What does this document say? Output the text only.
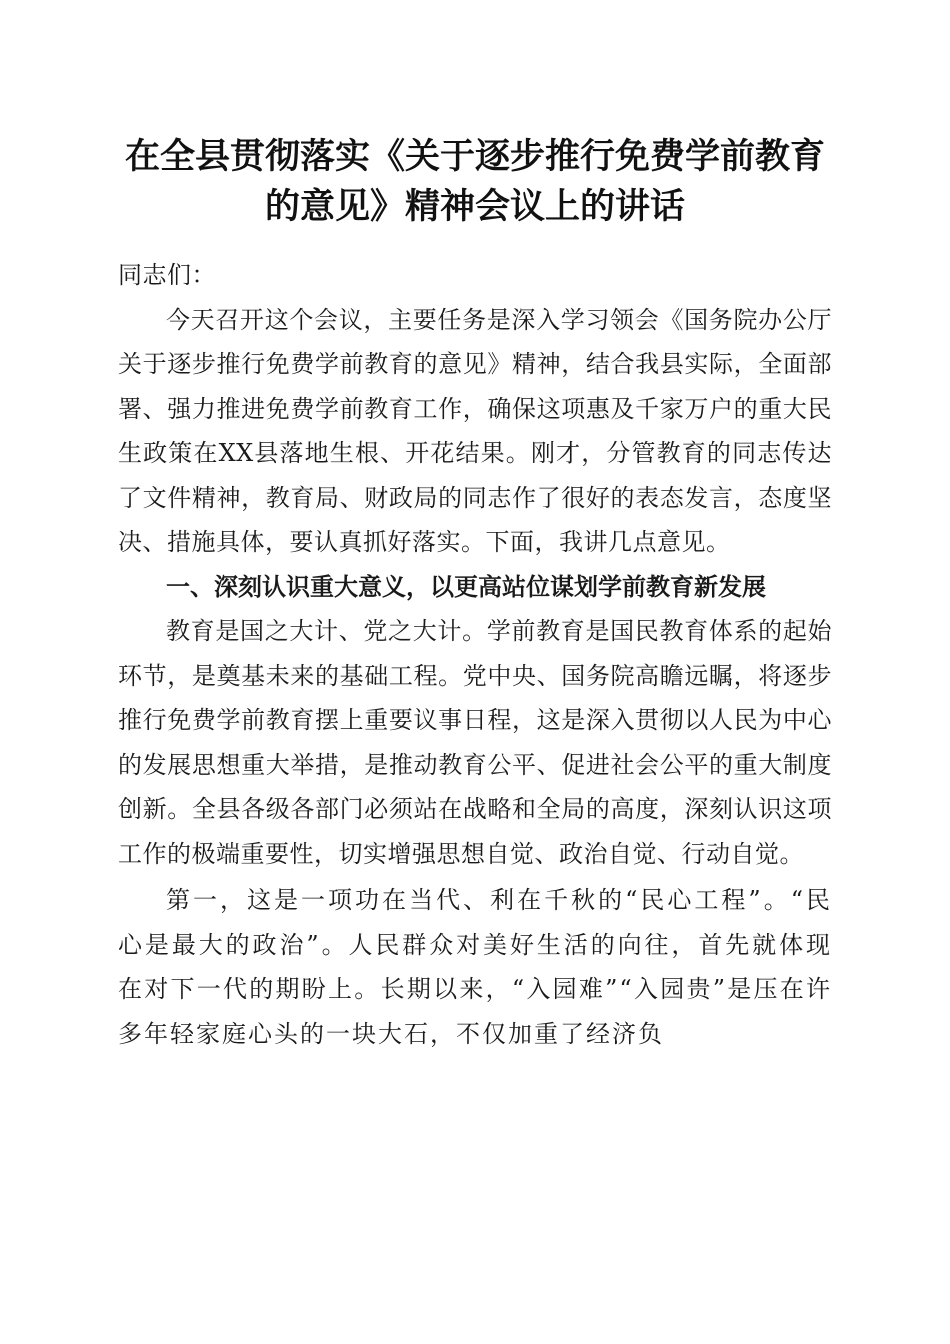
在全县贯彻落实《关于逐步推行免费学前教育
的意见》精神会议上的讲话

同志们：

今天召开这个会议，主要任务是深入学习领会《国务院办公厅关于逐步推行免费学前教育的意见》精神，结合我县实际，全面部署、强力推进免费学前教育工作，确保这项惠及千家万户的重大民生政策在XX县落地生根、开花结果。刚才，分管教育的同志传达了文件精神，教育局、财政局的同志作了很好的表态发言，态度坚决、措施具体，要认真抓好落实。下面，我讲几点意见。

一、深刻认识重大意义，以更高站位谋划学前教育新发展

教育是国之大计、党之大计。学前教育是国民教育体系的起始环节，是奠基未来的基础工程。党中央、国务院高瞻远瞩，将逐步推行免费学前教育摆上重要议事日程，这是深入贯彻以人民为中心的发展思想重大举措，是推动教育公平、促进社会公平的重大制度创新。全县各级各部门必须站在战略和全局的高度，深刻认识这项工作的极端重要性，切实增强思想自觉、政治自觉、行动自觉。

第一，这是一项功在当代、利在千秋的“民心工程”。“民心是最大的政治”。人民群众对美好生活的向往，首先就体现在对下一代的期盼上。长期以来，“入园难”“入园贵”是压在许多年轻家庭心头的一块大石，不仅加重了经济负
